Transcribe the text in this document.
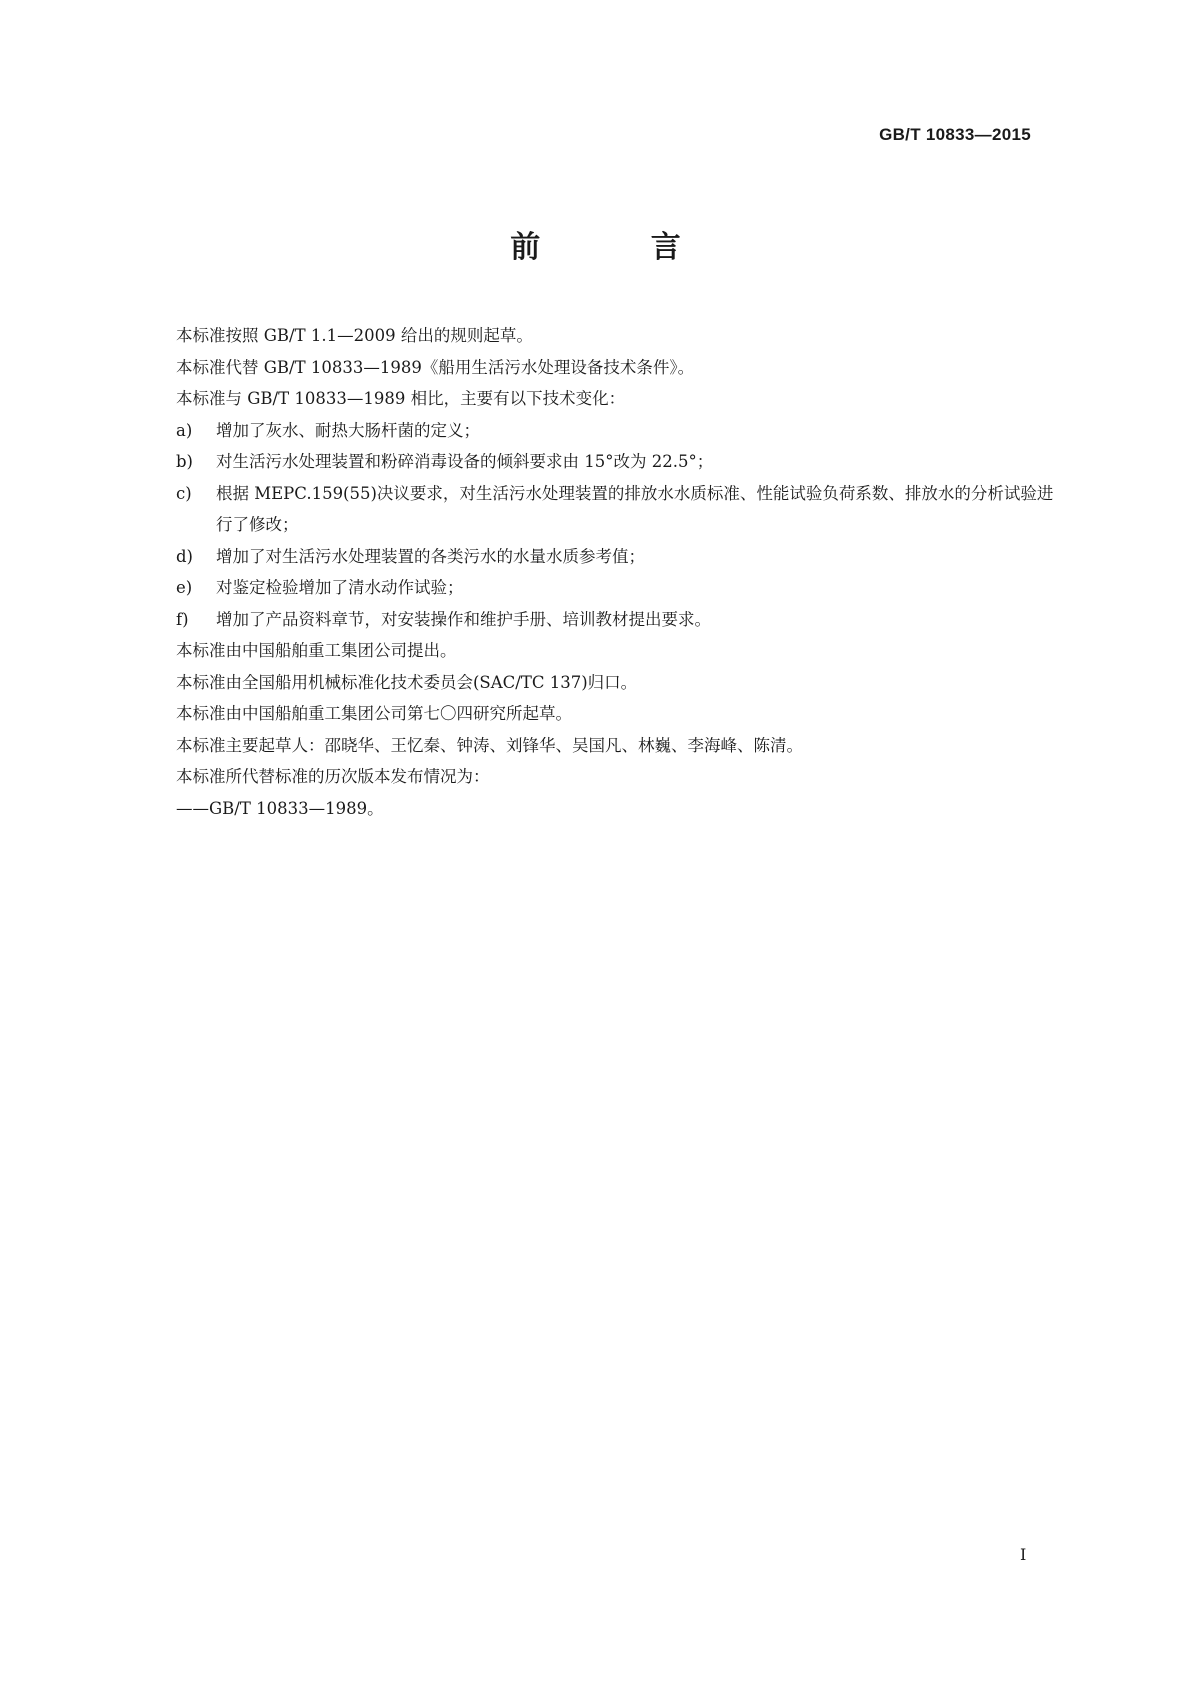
GB/T 10833—2015
前 言
本标准按照 GB/T 1.1—2009 给出的规则起草。
本标准代替 GB/T 10833—1989《船用生活污水处理设备技术条件》。
本标准与 GB/T 10833—1989 相比，主要有以下技术变化：
a)	增加了灰水、耐热大肠杆菌的定义；
b)	对生活污水处理装置和粉碎消毒设备的倾斜要求由 15°改为 22.5°；
c)	根据 MEPC.159(55)决议要求，对生活污水处理装置的排放水水质标准、性能试验负荷系数、排放水的分析试验进行了修改；
d)	增加了对生活污水处理装置的各类污水的水量水质参考值；
e)	对鉴定检验增加了清水动作试验；
f)	增加了产品资料章节，对安装操作和维护手册、培训教材提出要求。
本标准由中国船舶重工集团公司提出。
本标准由全国船用机械标准化技术委员会(SAC/TC 137)归口。
本标准由中国船舶重工集团公司第七〇四研究所起草。
本标准主要起草人：邵晓华、王忆秦、钟涛、刘锋华、吴国凡、林巍、李海峰、陈清。
本标准所代替标准的历次版本发布情况为：
——GB/T 10833—1989。
I
